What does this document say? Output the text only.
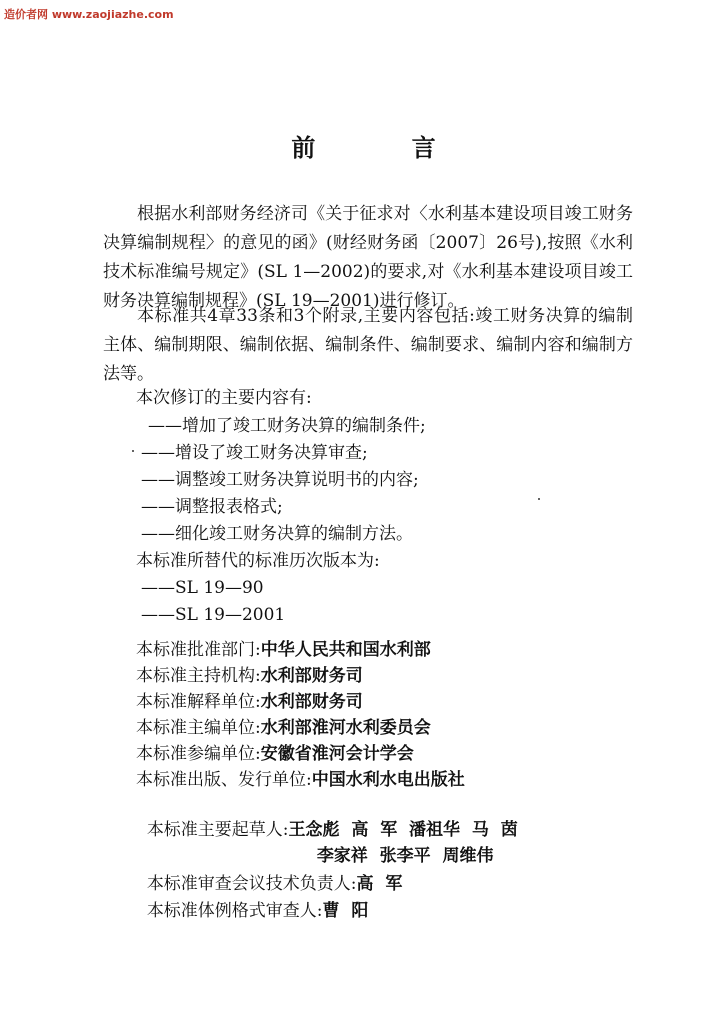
造价者网 www.zaojiazhe.com
前 言

根据水利部财务经济司《关于征求对〈水利基本建设项目竣工财务决算编制规程〉的意见的函》(财经财务函〔2007〕26号),按照《水利技术标准编号规定》(SL 1—2002)的要求,对《水利基本建设项目竣工财务决算编制规程》(SL 19—2001)进行修订。

本标准共4章33条和3个附录,主要内容包括:竣工财务决算的编制主体、编制期限、编制依据、编制条件、编制要求、编制内容和编制方法等。

本次修订的主要内容有:
——增加了竣工财务决算的编制条件;
——增设了竣工财务决算审查;
——调整竣工财务决算说明书的内容;
——调整报表格式;
——细化竣工财务决算的编制方法。
本标准所替代的标准历次版本为:
——SL 19—90
——SL 19—2001
本标准批准部门:中华人民共和国水利部
本标准主持机构:水利部财务司
本标准解释单位:水利部财务司
本标准主编单位:水利部淮河水利委员会
本标准参编单位:安徽省淮河会计学会
本标准出版、发行单位:中国水利水电出版社

本标准主要起草人:王念彪  高  军  潘祖华  马  茵

李家祥  张李平  周维伟

本标准审查会议技术负责人:高  军

本标准体例格式审查人:曹  阳
